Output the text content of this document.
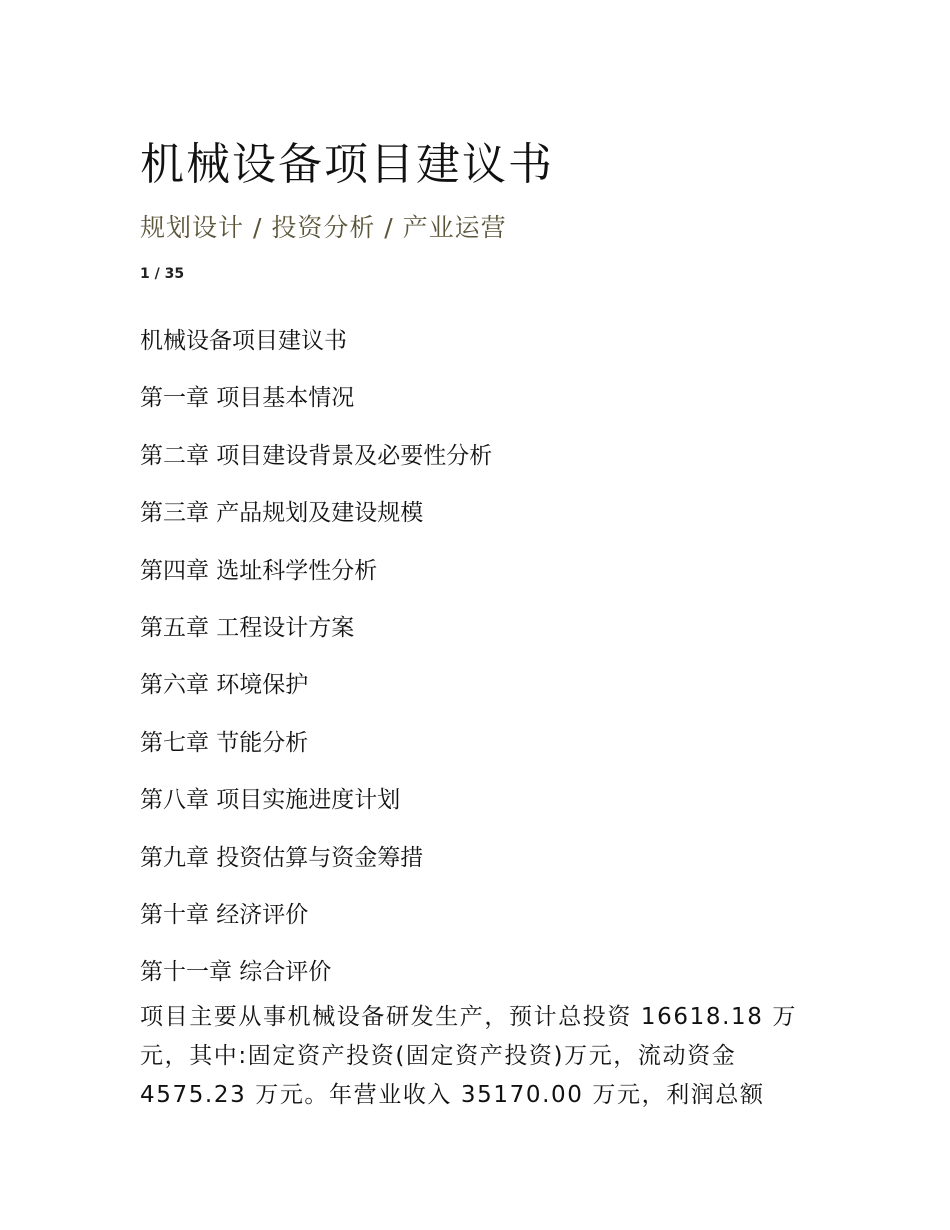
机械设备项目建议书
规划设计 / 投资分析 / 产业运营
1 / 35
机械设备项目建议书
第一章 项目基本情况
第二章 项目建设背景及必要性分析
第三章 产品规划及建设规模
第四章 选址科学性分析
第五章 工程设计方案
第六章 环境保护
第七章 节能分析
第八章 项目实施进度计划
第九章 投资估算与资金筹措
第十章 经济评价
第十一章 综合评价

项目主要从事机械设备研发生产，预计总投资 16618.18 万元，其中:固定资产投资(固定资产投资)万元，流动资金 4575.23 万元。年营业收入 35170.00 万元，利润总额
